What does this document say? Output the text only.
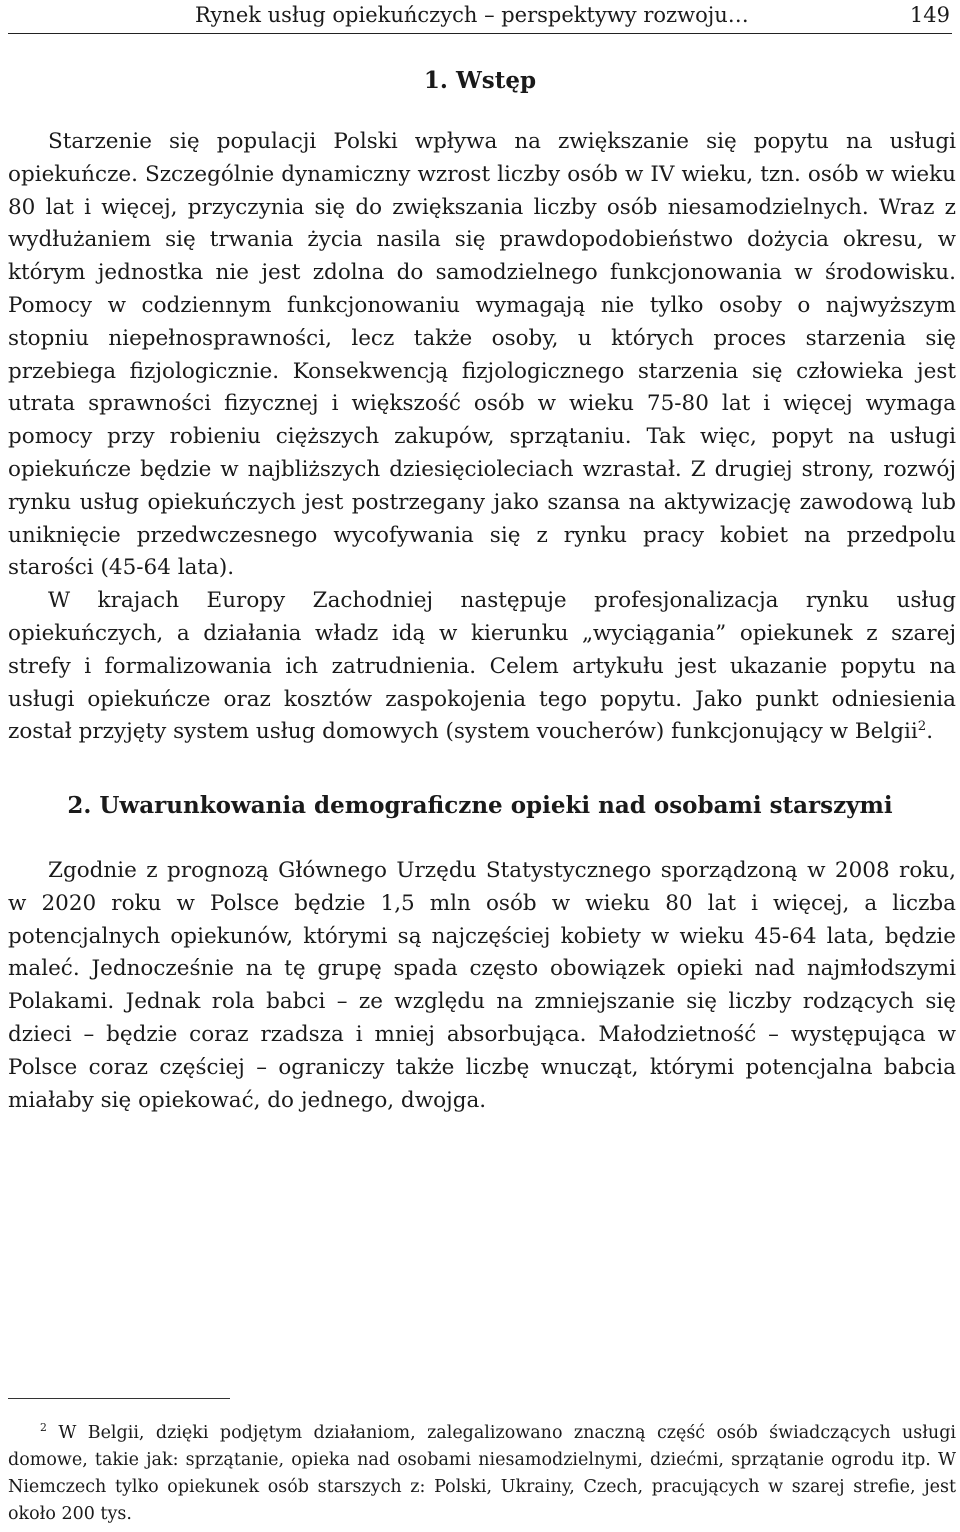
Rynek usług opiekuńczych – perspektywy rozwoju…	149
1. Wstęp

Starzenie się populacji Polski wpływa na zwiększanie się popytu na usługi opiekuńcze. Szczególnie dynamiczny wzrost liczby osób w IV wieku, tzn. osób w wieku 80 lat i więcej, przyczynia się do zwiększania liczby osób niesamodzielnych. Wraz z wydłużaniem się trwania życia nasila się prawdopodobieństwo dożycia okresu, w którym jednostka nie jest zdolna do samodzielnego funkcjonowania w środowisku. Pomocy w codziennym funkcjonowaniu wymagają nie tylko osoby o najwyższym stopniu niepełnosprawności, lecz także osoby, u których proces starzenia się przebiega fizjologicznie. Konsekwencją fizjologicznego starzenia się człowieka jest utrata sprawności fizycznej i większość osób w wieku 75-80 lat i więcej wymaga pomocy przy robieniu cięższych zakupów, sprzątaniu. Tak więc, popyt na usługi opiekuńcze będzie w najbliższych dziesięcioleciach wzrastał. Z drugiej strony, rozwój rynku usług opiekuńczych jest postrzegany jako szansa na aktywizację zawodową lub uniknięcie przedwczesnego wycofywania się z rynku pracy kobiet na przedpolu starości (45-64 lata).

W krajach Europy Zachodniej następuje profesjonalizacja rynku usług opiekuńczych, a działania władz idą w kierunku „wyciągania” opiekunek z szarej strefy i formalizowania ich zatrudnienia. Celem artykułu jest ukazanie popytu na usługi opiekuńcze oraz kosztów zaspokojenia tego popytu. Jako punkt odniesienia został przyjęty system usług domowych (system voucherów) funkcjonujący w Belgii$^2$.

2. Uwarunkowania demograficzne opieki nad osobami starszymi

Zgodnie z prognozą Głównego Urzędu Statystycznego sporządzoną w 2008 roku, w 2020 roku w Polsce będzie 1,5 mln osób w wieku 80 lat i więcej, a liczba potencjalnych opiekunów, którymi są najczęściej kobiety w wieku 45-64 lata, będzie maleć. Jednocześnie na tę grupę spada często obowiązek opieki nad najmłodszymi Polakami. Jednak rola babci – ze względu na zmniejszanie się liczby rodzących się dzieci – będzie coraz rzadsza i mniej absorbująca. Małodzietność – występująca w Polsce coraz częściej – ograniczy także liczbę wnucząt, którymi potencjalna babcia miałaby się opiekować, do jednego, dwojga.

$^2$ W Belgii, dzięki podjętym działaniom, zalegalizowano znaczną część osób świadczących usługi domowe, takie jak: sprzątanie, opieka nad osobami niesamodzielnymi, dziećmi, sprzątanie ogrodu itp. W Niemczech tylko opiekunek osób starszych z: Polski, Ukrainy, Czech, pracujących w szarej strefie, jest około 200 tys.
